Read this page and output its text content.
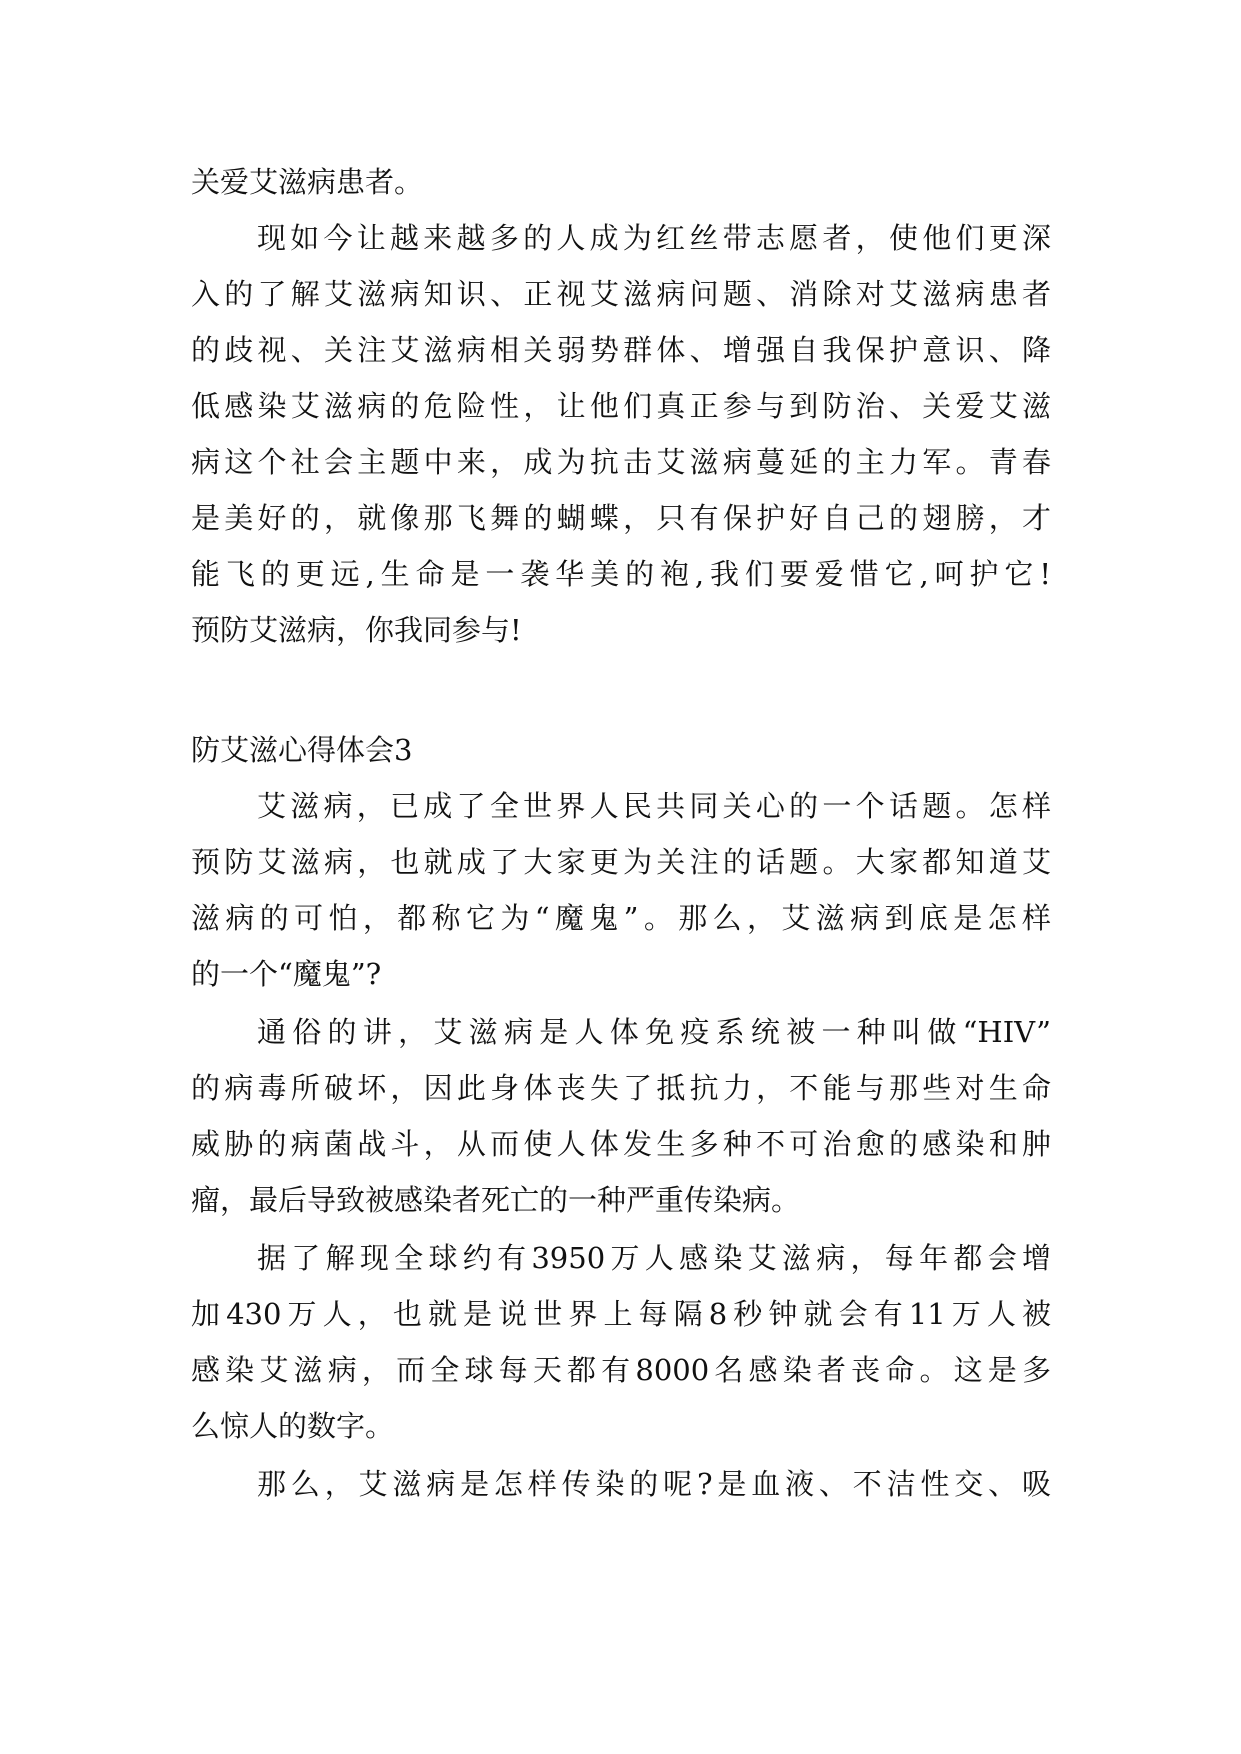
关爱艾滋病患者。
现如今让越来越多的人成为红丝带志愿者，使他们更深
入的了解艾滋病知识、正视艾滋病问题、消除对艾滋病患者
的歧视、关注艾滋病相关弱势群体、增强自我保护意识、降
低感染艾滋病的危险性，让他们真正参与到防治、关爱艾滋
病这个社会主题中来，成为抗击艾滋病蔓延的主力军。青春
是美好的，就像那飞舞的蝴蝶，只有保护好自己的翅膀，才
能飞的更远,生命是一袭华美的袍,我们要爱惜它,呵护它!
预防艾滋病，你我同参与!
防艾滋心得体会3
艾滋病，已成了全世界人民共同关心的一个话题。怎样
预防艾滋病，也就成了大家更为关注的话题。大家都知道艾
滋病的可怕，都称它为“魔鬼”。那么，艾滋病到底是怎样
的一个“魔鬼”?
通俗的讲，艾滋病是人体免疫系统被一种叫做“HIV”
的病毒所破坏，因此身体丧失了抵抗力，不能与那些对生命
威胁的病菌战斗，从而使人体发生多种不可治愈的感染和肿
瘤，最后导致被感染者死亡的一种严重传染病。
据了解现全球约有3950万人感染艾滋病，每年都会增
加430万人，也就是说世界上每隔8秒钟就会有11万人被
感染艾滋病，而全球每天都有8000名感染者丧命。这是多
么惊人的数字。
那么，艾滋病是怎样传染的呢?是血液、不洁性交、吸
